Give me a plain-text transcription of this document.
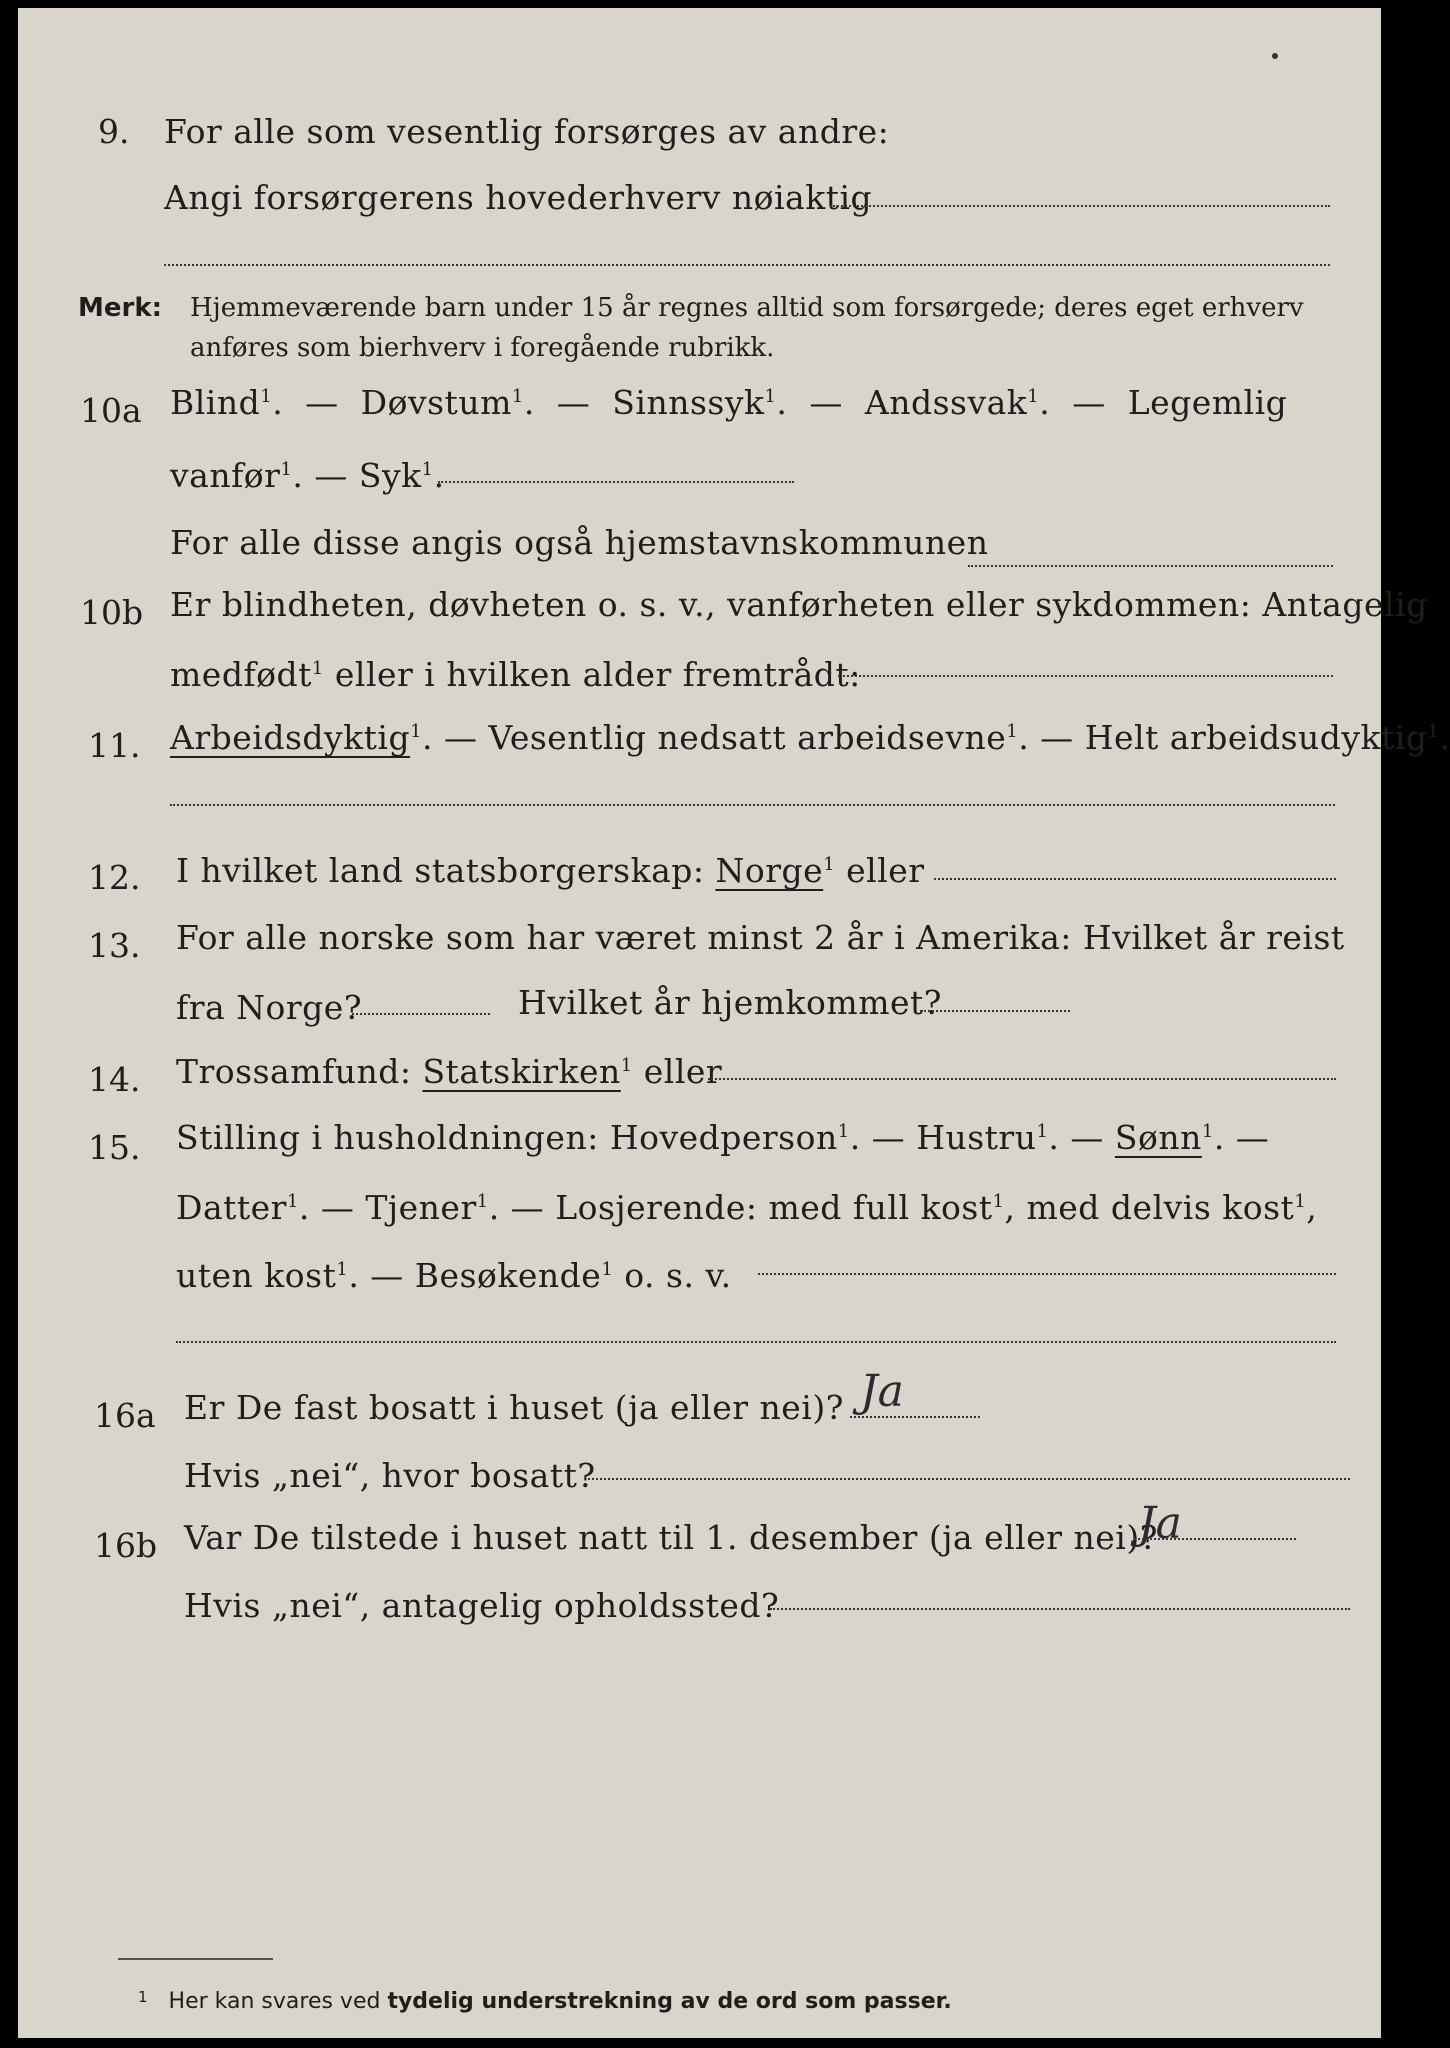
9. For alle som vesentlig forsørges av andre:
Angi forsørgerens hovederhverv nøiaktig
Merk: Hjemmeværende barn under 15 år regnes alltid som forsørgede; deres eget erhverv
anføres som bierhverv i foregående rubrikk.
10a Blind$^1$.  —  Døvstum$^1$.  —  Sinnssyk$^1$.  —  Andssvak$^1$.  —  Legemlig
vanfør$^1$. — Syk$^1$.
For alle disse angis også hjemstavnskommunen
10b Er blindheten, døvheten o. s. v., vanførheten eller sykdommen: Antagelig
medfødt$^1$ eller i hvilken alder fremtrådt:
11. Arbeidsdyktig$^1$. — Vesentlig nedsatt arbeidsevne$^1$. — Helt arbeidsudyktig$^1$.
12. I hvilket land statsborgerskap: Norge$^1$ eller
13. For alle norske som har været minst 2 år i Amerika: Hvilket år reist
fra Norge?	Hvilket år hjemkommet?
14. Trossamfund: Statskirken$^1$ eller
15. Stilling i husholdningen: Hovedperson$^1$. — Hustru$^1$. — Sønn$^1$. —
Datter$^1$. — Tjener$^1$. — Losjerende: med full kost$^1$, med delvis kost$^1$,
uten kost$^1$. — Besøkende$^1$ o. s. v.
16a Er De fast bosatt i huset (ja eller nei)? Ja
Hvis „nei“, hvor bosatt?
16b Var De tilstede i huset natt til 1. desember (ja eller nei)?
Ja
Hvis „nei“, antagelig opholdssted?
$^1$ Her kan svares ved tydelig understrekning av de ord som passer.
